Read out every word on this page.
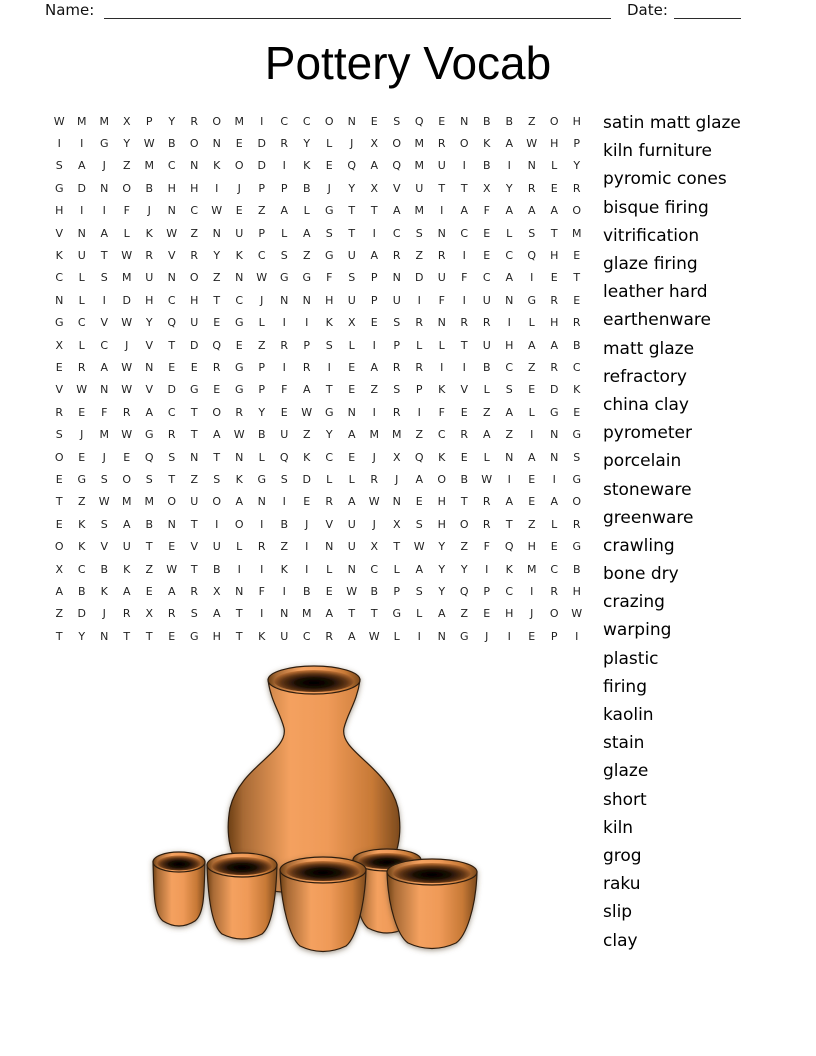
Name:	Date:
Pottery Vocab
W	M	M	X	P	Y	R	O	M	I	C	C	O	N	E	S	Q	E	N	B	B	Z	O	H
I	I	G	Y	W	B	O	N	E	D	R	Y	L	J	X	O	M	R	O	K	A	W	H	P
S	A	J	Z	M	C	N	K	O	D	I	K	E	Q	A	Q	M	U	I	B	I	N	L	Y
G	D	N	O	B	H	H	I	J	P	P	B	J	Y	X	V	U	T	T	X	Y	R	E	R
H	I	I	F	J	N	C	W	E	Z	A	L	G	T	T	A	M	I	A	F	A	A	A	O
V	N	A	L	K	W	Z	N	U	P	L	A	S	T	I	C	S	N	C	E	L	S	T	M
K	U	T	W	R	V	R	Y	K	C	S	Z	G	U	A	R	Z	R	I	E	C	Q	H	E
C	L	S	M	U	N	O	Z	N	W	G	G	F	S	P	N	D	U	F	C	A	I	E	T
N	L	I	D	H	C	H	T	C	J	N	N	H	U	P	U	I	F	I	U	N	G	R	E
G	C	V	W	Y	Q	U	E	G	L	I	I	K	X	E	S	R	N	R	R	I	L	H	R
X	L	C	J	V	T	D	Q	E	Z	R	P	S	L	I	P	L	L	T	U	H	A	A	B
E	R	A	W	N	E	E	R	G	P	I	R	I	E	A	R	R	I	I	B	C	Z	R	C
V	W	N	W	V	D	G	E	G	P	F	A	T	E	Z	S	P	K	V	L	S	E	D	K
R	E	F	R	A	C	T	O	R	Y	E	W	G	N	I	R	I	F	E	Z	A	L	G	E
S	J	M	W	G	R	T	A	W	B	U	Z	Y	A	M	M	Z	C	R	A	Z	I	N	G
O	E	J	E	Q	S	N	T	N	L	Q	K	C	E	J	X	Q	K	E	L	N	A	N	S
E	G	S	O	S	T	Z	S	K	G	S	D	L	L	R	J	A	O	B	W	I	E	I	G
T	Z	W	M	M	O	U	O	A	N	I	E	R	A	W	N	E	H	T	R	A	E	A	O
E	K	S	A	B	N	T	I	O	I	B	J	V	U	J	X	S	H	O	R	T	Z	L	R
O	K	V	U	T	E	V	U	L	R	Z	I	N	U	X	T	W	Y	Z	F	Q	H	E	G
X	C	B	K	Z	W	T	B	I	I	K	I	L	N	C	L	A	Y	Y	I	K	M	C	B
A	B	K	A	E	A	R	X	N	F	I	B	E	W	B	P	S	Y	Q	P	C	I	R	H
Z	D	J	R	X	R	S	A	T	I	N	M	A	T	T	G	L	A	Z	E	H	J	O	W
T	Y	N	T	T	E	G	H	T	K	U	C	R	A	W	L	I	N	G	J	I	E	P	I
satin matt glaze
kiln furniture
pyromic cones
bisque firing
vitrification
glaze firing
leather hard
earthenware
matt glaze
refractory
china clay
pyrometer
porcelain
stoneware
greenware
crawling
bone dry
crazing
warping
plastic
firing
kaolin
stain
glaze
short
kiln
grog
raku
slip
clay
